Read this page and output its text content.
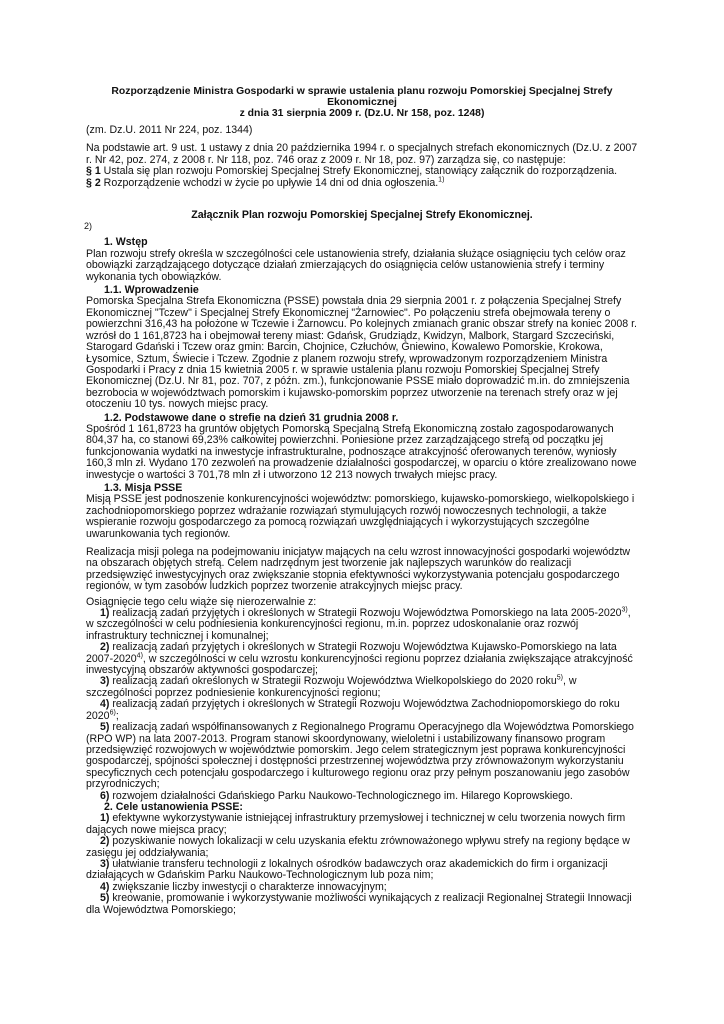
Rozporządzenie Ministra Gospodarki w sprawie ustalenia planu rozwoju Pomorskiej Specjalnej Strefy
Ekonomicznej
z dnia 31 sierpnia 2009 r. (Dz.U. Nr 158, poz. 1248)

(zm. Dz.U. 2011 Nr 224, poz. 1344)

Na podstawie art. 9 ust. 1 ustawy z dnia 20 października 1994 r. o specjalnych strefach ekonomicznych (Dz.U. z 2007 r. Nr 42, poz. 274, z 2008 r. Nr 118, poz. 746 oraz z 2009 r. Nr 18, poz. 97) zarządza się, co następuje:

§ 1 Ustala się plan rozwoju Pomorskiej Specjalnej Strefy Ekonomicznej, stanowiący załącznik do rozporządzenia.

§ 2 Rozporządzenie wchodzi w życie po upływie 14 dni od dnia ogłoszenia.$^{1)}$

Załącznik Plan rozwoju Pomorskiej Specjalnej Strefy Ekonomicznej.
2)
1. Wstęp

Plan rozwoju strefy określa w szczególności cele ustanowienia strefy, działania służące osiągnięciu tych celów oraz obowiązki zarządzającego dotyczące działań zmierzających do osiągnięcia celów ustanowienia strefy i terminy wykonania tych obowiązków.

1.1. Wprowadzenie

Pomorska Specjalna Strefa Ekonomiczna (PSSE) powstała dnia 29 sierpnia 2001 r. z połączenia Specjalnej Strefy Ekonomicznej "Tczew" i Specjalnej Strefy Ekonomicznej "Żarnowiec". Po połączeniu strefa obejmowała tereny o powierzchni 316,43 ha położone w Tczewie i Żarnowcu. Po kolejnych zmianach granic obszar strefy na koniec 2008 r. wzrósł do 1 161,8723 ha i obejmował tereny miast: Gdańsk, Grudziądz, Kwidzyn, Malbork, Stargard Szczeciński, Starogard Gdański i Tczew oraz gmin: Barcin, Chojnice, Człuchów, Gniewino, Kowalewo Pomorskie, Krokowa, Łysomice, Sztum, Świecie i Tczew. Zgodnie z planem rozwoju strefy, wprowadzonym rozporządzeniem Ministra Gospodarki i Pracy z dnia 15 kwietnia 2005 r. w sprawie ustalenia planu rozwoju Pomorskiej Specjalnej Strefy Ekonomicznej (Dz.U. Nr 81, poz. 707, z późn. zm.), funkcjonowanie PSSE miało doprowadzić m.in. do zmniejszenia bezrobocia w województwach pomorskim i kujawsko-pomorskim poprzez utworzenie na terenach strefy oraz w jej otoczeniu 10 tys. nowych miejsc pracy.

1.2. Podstawowe dane o strefie na dzień 31 grudnia 2008 r.

Spośród 1 161,8723 ha gruntów objętych Pomorską Specjalną Strefą Ekonomiczną zostało zagospodarowanych 804,37 ha, co stanowi 69,23% całkowitej powierzchni. Poniesione przez zarządzającego strefą od początku jej funkcjonowania wydatki na inwestycje infrastrukturalne, podnoszące atrakcyjność oferowanych terenów, wyniosły 160,3 mln zł. Wydano 170 zezwoleń na prowadzenie działalności gospodarczej, w oparciu o które zrealizowano nowe inwestycje o wartości 3 701,78 mln zł i utworzono 12 213 nowych trwałych miejsc pracy.

1.3. Misja PSSE

Misją PSSE jest podnoszenie konkurencyjności województw: pomorskiego, kujawsko-pomorskiego, wielkopolskiego i zachodniopomorskiego poprzez wdrażanie rozwiązań stymulujących rozwój nowoczesnych technologii, a także wspieranie rozwoju gospodarczego za pomocą rozwiązań uwzględniających i wykorzystujących szczególne uwarunkowania tych regionów.

Realizacja misji polega na podejmowaniu inicjatyw mających na celu wzrost innowacyjności gospodarki województw na obszarach objętych strefą. Celem nadrzędnym jest tworzenie jak najlepszych warunków do realizacji przedsięwzięć inwestycyjnych oraz zwiększanie stopnia efektywności wykorzystywania potencjału gospodarczego regionów, w tym zasobów ludzkich poprzez tworzenie atrakcyjnych miejsc pracy.

Osiągnięcie tego celu wiąże się nierozerwalnie z:

1) realizacją zadań przyjętych i określonych w Strategii Rozwoju Województwa Pomorskiego na lata 2005-2020$^{3)}$, w szczególności w celu podniesienia konkurencyjności regionu, m.in. poprzez udoskonalanie oraz rozwój infrastruktury technicznej i komunalnej;

2) realizacją zadań przyjętych i określonych w Strategii Rozwoju Województwa Kujawsko-Pomorskiego na lata 2007-2020$^{4)}$, w szczególności w celu wzrostu konkurencyjności regionu poprzez działania zwiększające atrakcyjność inwestycyjną obszarów aktywności gospodarczej;

3) realizacją zadań określonych w Strategii Rozwoju Województwa Wielkopolskiego do 2020 roku$^{5)}$, w szczególności poprzez podniesienie konkurencyjności regionu;

4) realizacją zadań przyjętych i określonych w Strategii Rozwoju Województwa Zachodniopomorskiego do roku 2020$^{6)}$;

5) realizacją zadań współfinansowanych z Regionalnego Programu Operacyjnego dla Województwa Pomorskiego (RPO WP) na lata 2007-2013. Program stanowi skoordynowany, wieloletni i ustabilizowany finansowo program przedsięwzięć rozwojowych w województwie pomorskim. Jego celem strategicznym jest poprawa konkurencyjności gospodarczej, spójności społecznej i dostępności przestrzennej województwa przy zrównoważonym wykorzystaniu specyficznych cech potencjału gospodarczego i kulturowego regionu oraz przy pełnym poszanowaniu jego zasobów przyrodniczych;

6) rozwojem działalności Gdańskiego Parku Naukowo-Technologicznego im. Hilarego Koprowskiego.

2. Cele ustanowienia PSSE:

1) efektywne wykorzystywanie istniejącej infrastruktury przemysłowej i technicznej w celu tworzenia nowych firm dających nowe miejsca pracy;

2) pozyskiwanie nowych lokalizacji w celu uzyskania efektu zrównoważonego wpływu strefy na regiony będące w zasięgu jej oddziaływania;

3) ułatwianie transferu technologii z lokalnych ośrodków badawczych oraz akademickich do firm i organizacji działających w Gdańskim Parku Naukowo-Technologicznym lub poza nim;

4) zwiększanie liczby inwestycji o charakterze innowacyjnym;

5) kreowanie, promowanie i wykorzystywanie możliwości wynikających z realizacji Regionalnej Strategii Innowacji dla Województwa Pomorskiego;
